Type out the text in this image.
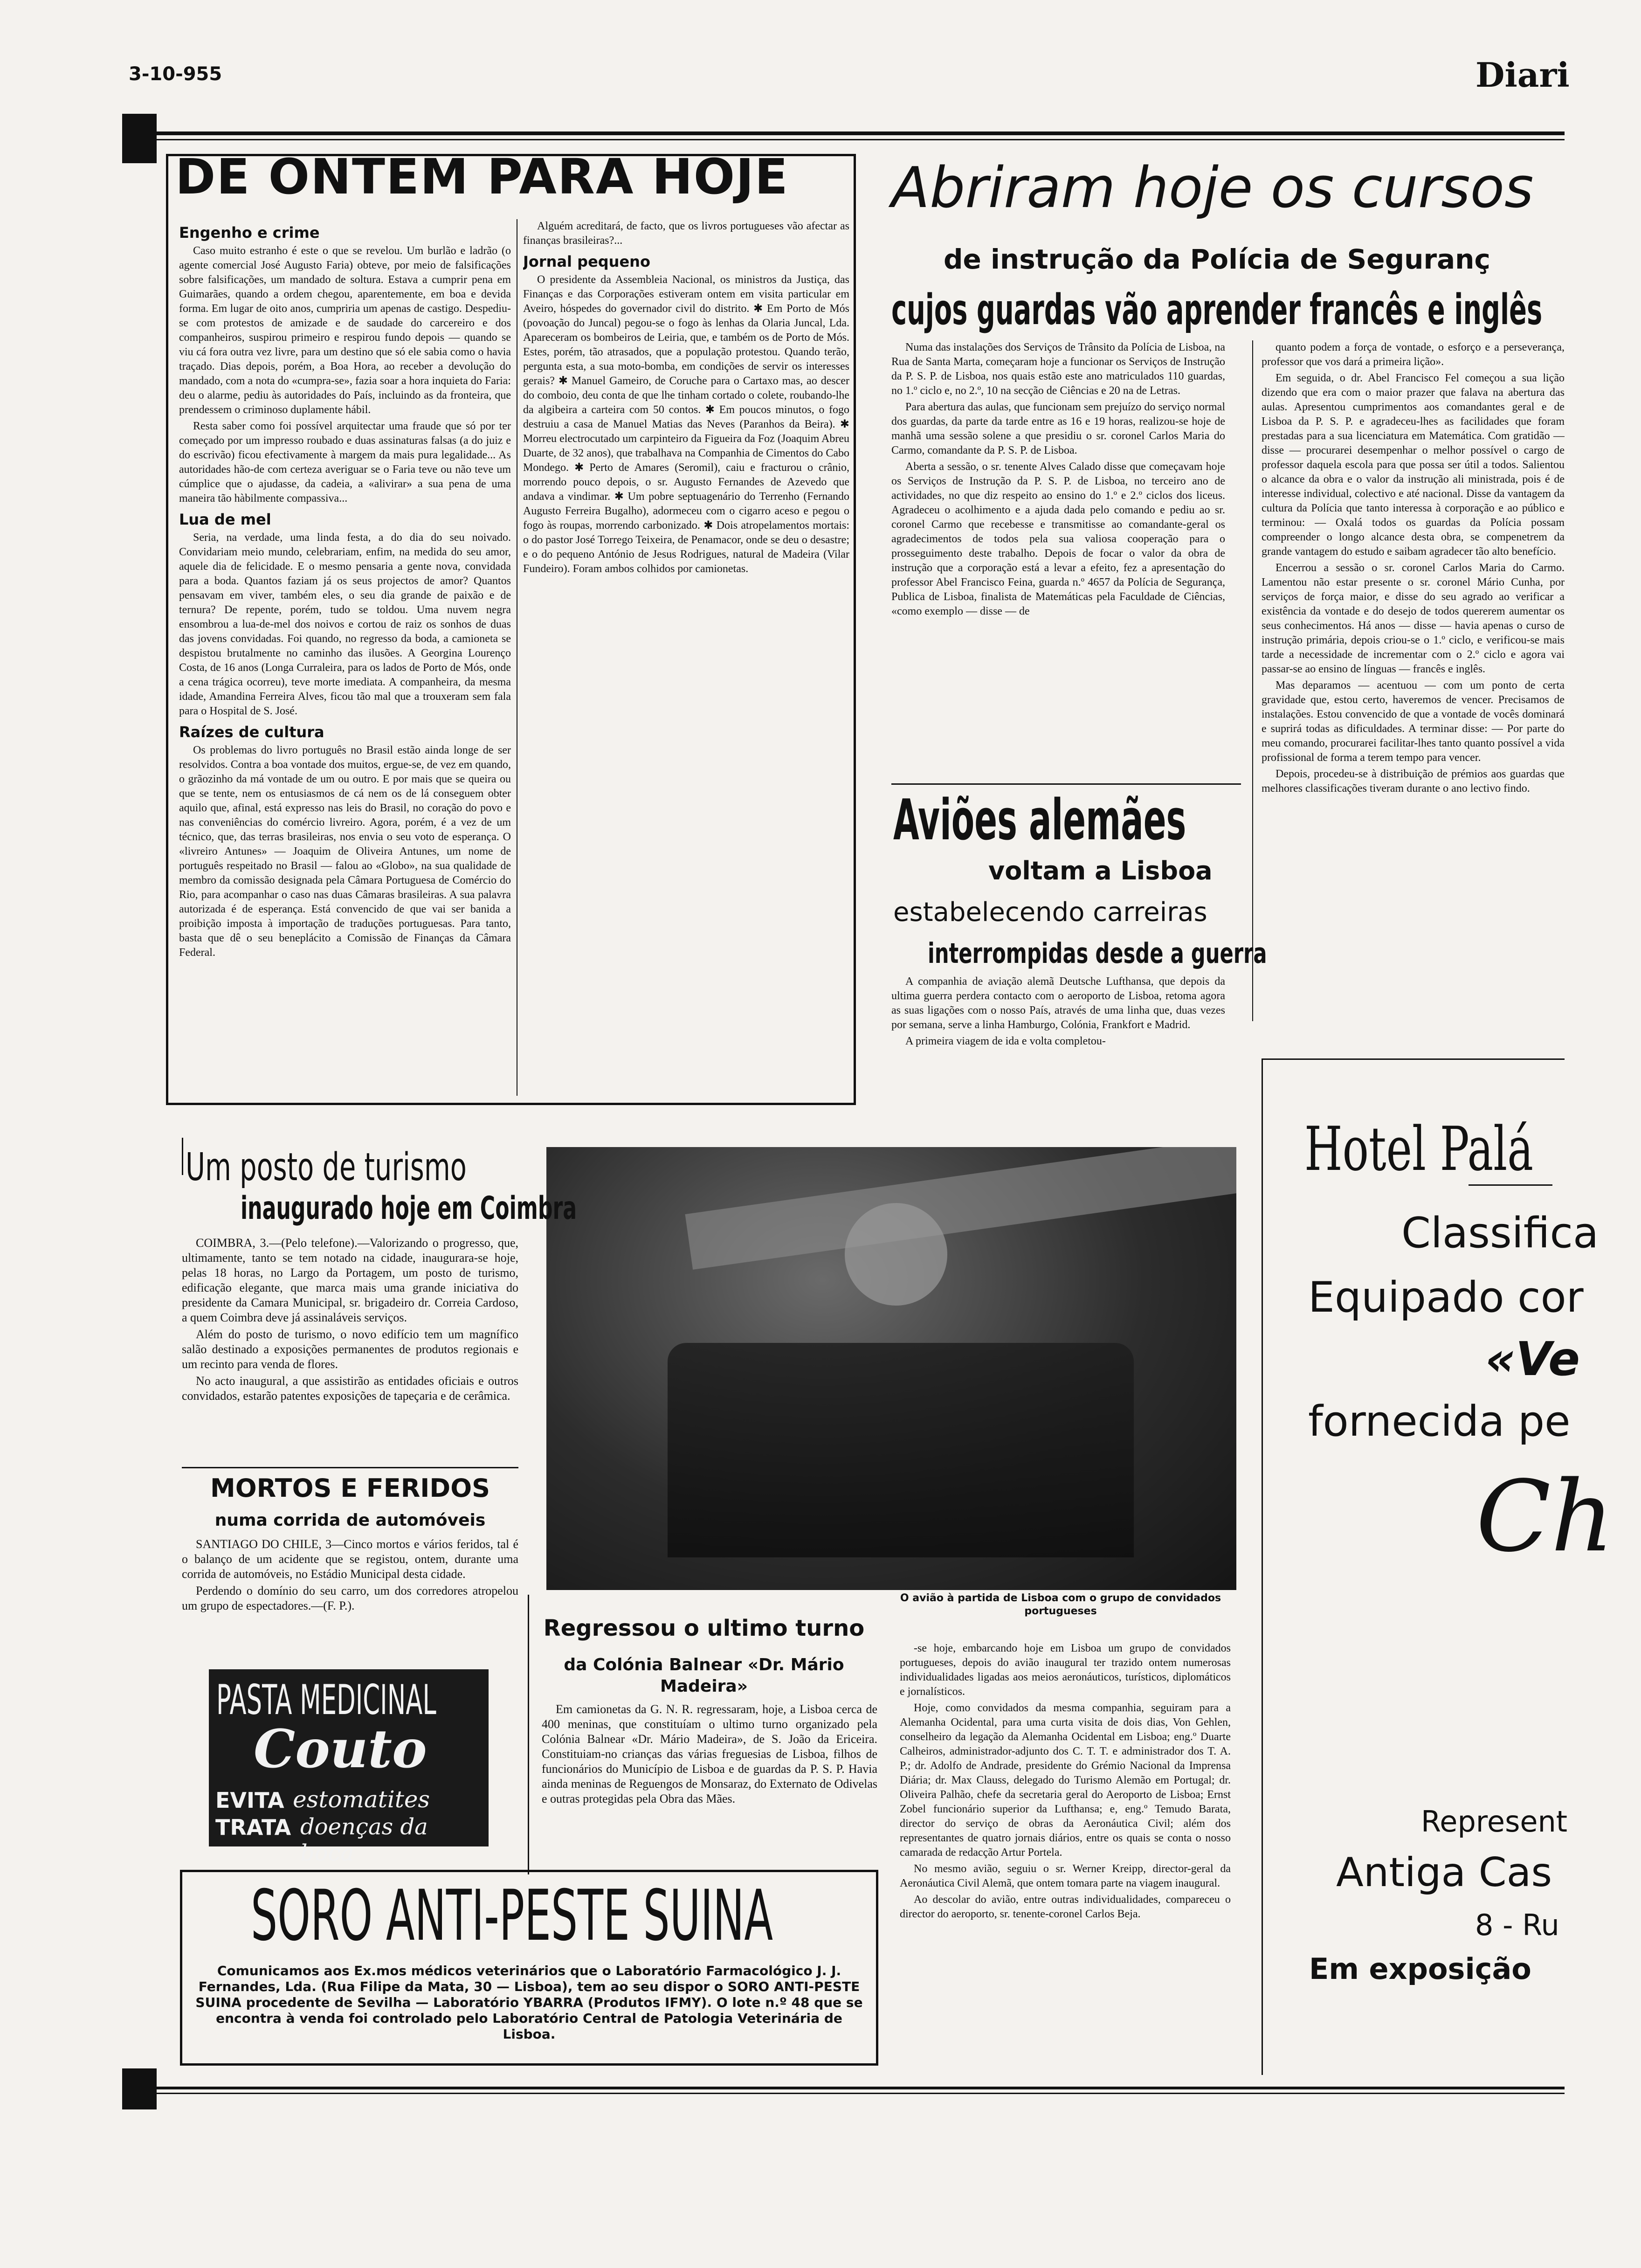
3-10-955	Diari
DE ONTEM PARA HOJE
Engenho e crime

Caso muito estranho é este o que se revelou. Um burlão e ladrão (o agente comercial José Augusto Faria) obteve, por meio de falsificações sobre falsificações, um mandado de soltura. Estava a cumprir pena em Guimarães, quando a ordem chegou, aparentemente, em boa e devida forma. Em lugar de oito anos, cumpriria um apenas de castigo. Despediu-se com protestos de amizade e de saudade do carcereiro e dos companheiros, suspirou primeiro e respirou fundo depois — quando se viu cá fora outra vez livre, para um destino que só ele sabia como o havia traçado. Dias depois, porém, a Boa Hora, ao receber a devolução do mandado, com a nota do «cumpra-se», fazia soar a hora inquieta do Faria: deu o alarme, pediu às autoridades do País, incluindo as da fronteira, que prendessem o criminoso duplamente hábil.

Resta saber como foi possível arquitectar uma fraude que só por ter começado por um impresso roubado e duas assinaturas falsas (a do juiz e do escrivão) ficou efectivamente à margem da mais pura legalidade... As autoridades hão-de com certeza averiguar se o Faria teve ou não teve um cúmplice que o ajudasse, da cadeia, a «alivirar» a sua pena de uma maneira tão hàbilmente compassiva...

Lua de mel

Seria, na verdade, uma linda festa, a do dia do seu noivado. Convidariam meio mundo, celebrariam, enfim, na medida do seu amor, aquele dia de felicidade. E o mesmo pensaria a gente nova, convidada para a boda. Quantos faziam já os seus projectos de amor? Quantos pensavam em viver, também eles, o seu dia grande de paixão e de ternura? De repente, porém, tudo se toldou. Uma nuvem negra ensombrou a lua-de-mel dos noivos e cortou de raiz os sonhos de duas das jovens convidadas. Foi quando, no regresso da boda, a camioneta se despistou brutalmente no caminho das ilusões. A Georgina Lourenço Costa, de 16 anos (Longa Curraleira, para os lados de Porto de Mós, onde a cena trágica ocorreu), teve morte imediata. A companheira, da mesma idade, Amandina Ferreira Alves, ficou tão mal que a trouxeram sem fala para o Hospital de S. José.

Raízes de cultura

Os problemas do livro português no Brasil estão ainda longe de ser resolvidos. Contra a boa vontade dos muitos, ergue-se, de vez em quando, o grãozinho da má vontade de um ou outro. E por mais que se queira ou que se tente, nem os entusiasmos de cá nem os de lá conseguem obter aquilo que, afinal, está expresso nas leis do Brasil, no coração do povo e nas conveniências do comércio livreiro. Agora, porém, é a vez de um técnico, que, das terras brasileiras, nos envia o seu voto de esperança. O «livreiro Antunes» — Joaquim de Oliveira Antunes, um nome de português respeitado no Brasil — falou ao «Globo», na sua qualidade de membro da comissão designada pela Câmara Portuguesa de Comércio do Rio, para acompanhar o caso nas duas Câmaras brasileiras. A sua palavra autorizada é de esperança. Está convencido de que vai ser banida a proibição imposta à importação de traduções portuguesas. Para tanto, basta que dê o seu beneplácito a Comissão de Finanças da Câmara Federal.

Alguém acreditará, de facto, que os livros portugueses vão afectar as finanças brasileiras?...

Jornal pequeno

O presidente da Assembleia Nacional, os ministros da Justiça, das Finanças e das Corporações estiveram ontem em visita particular em Aveiro, hóspedes do governador civil do distrito. ✱ Em Porto de Mós (povoação do Juncal) pegou-se o fogo às lenhas da Olaria Juncal, Lda. Apareceram os bombeiros de Leiria, que, e também os de Porto de Mós. Estes, porém, tão atrasados, que a população protestou. Quando terão, pergunta esta, a sua moto-bomba, em condições de servir os interesses gerais? ✱ Manuel Gameiro, de Coruche para o Cartaxo mas, ao descer do comboio, deu conta de que lhe tinham cortado o colete, roubando-lhe da algibeira a carteira com 50 contos. ✱ Em poucos minutos, o fogo destruiu a casa de Manuel Matias das Neves (Paranhos da Beira). ✱ Morreu electrocutado um carpinteiro da Figueira da Foz (Joaquim Abreu Duarte, de 32 anos), que trabalhava na Companhia de Cimentos do Cabo Mondego. ✱ Perto de Amares (Seromil), caiu e fracturou o crânio, morrendo pouco depois, o sr. Augusto Fernandes de Azevedo que andava a vindimar. ✱ Um pobre septuagenário do Terrenho (Fernando Augusto Ferreira Bugalho), adormeceu com o cigarro aceso e pegou o fogo às roupas, morrendo carbonizado. ✱ Dois atropelamentos mortais: o do pastor José Torrego Teixeira, de Penamacor, onde se deu o desastre; e o do pequeno António de Jesus Rodrigues, natural de Madeira (Vilar Fundeiro). Foram ambos colhidos por camionetas.

Abriram hoje os cursos
de instrução da Polícia de Seguranç
cujos guardas vão aprender francês e inglês

Numa das instalações dos Serviços de Trânsito da Polícia de Lisboa, na Rua de Santa Marta, começaram hoje a funcionar os Serviços de Instrução da P. S. P. de Lisboa, nos quais estão este ano matriculados 110 guardas, no 1.º ciclo e, no 2.º, 10 na secção de Ciências e 20 na de Letras.

Para abertura das aulas, que funcionam sem prejuízo do serviço normal dos guardas, da parte da tarde entre as 16 e 19 horas, realizou-se hoje de manhã uma sessão solene a que presidiu o sr. coronel Carlos Maria do Carmo, comandante da P. S. P. de Lisboa.

Aberta a sessão, o sr. tenente Alves Calado disse que começavam hoje os Serviços de Instrução da P. S. P. de Lisboa, no terceiro ano de actividades, no que diz respeito ao ensino do 1.º e 2.º ciclos dos liceus. Agradeceu o acolhimento e a ajuda dada pelo comando e pediu ao sr. coronel Carmo que recebesse e transmitisse ao comandante-geral os agradecimentos de todos pela sua valiosa cooperação para o prosseguimento deste trabalho. Depois de focar o valor da obra de instrução que a corporação está a levar a efeito, fez a apresentação do professor Abel Francisco Feina, guarda n.º 4657 da Polícia de Segurança, Publica de Lisboa, finalista de Matemáticas pela Faculdade de Ciências, «como exemplo — disse — de

quanto podem a força de vontade, o esforço e a perseverança, professor que vos dará a primeira lição».

Em seguida, o dr. Abel Francisco Fel começou a sua lição dizendo que era com o maior prazer que falava na abertura das aulas. Apresentou cumprimentos aos comandantes geral e de Lisboa da P. S. P. e agradeceu-lhes as facilidades que foram prestadas para a sua licenciatura em Matemática. Com gratidão — disse — procurarei desempenhar o melhor possível o cargo de professor daquela escola para que possa ser útil a todos. Salientou o alcance da obra e o valor da instrução ali ministrada, pois é de interesse individual, colectivo e até nacional. Disse da vantagem da cultura da Polícia que tanto interessa à corporação e ao público e terminou: — Oxalá todos os guardas da Polícia possam compreender o longo alcance desta obra, se compenetrem da grande vantagem do estudo e saibam agradecer tão alto benefício.

Encerrou a sessão o sr. coronel Carlos Maria do Carmo. Lamentou não estar presente o sr. coronel Mário Cunha, por serviços de força maior, e disse do seu agrado ao verificar a existência da vontade e do desejo de todos quererem aumentar os seus conhecimentos. Há anos — disse — havia apenas o curso de instrução primária, depois criou-se o 1.º ciclo, e verificou-se mais tarde a necessidade de incrementar com o 2.º ciclo e agora vai passar-se ao ensino de línguas — francês e inglês.

Mas deparamos — acentuou — com um ponto de certa gravidade que, estou certo, haveremos de vencer. Precisamos de instalações. Estou convencido de que a vontade de vocês dominará e suprirá todas as dificuldades. A terminar disse: — Por parte do meu comando, procurarei facilitar-lhes tanto quanto possível a vida profissional de forma a terem tempo para vencer.

Depois, procedeu-se à distribuição de prémios aos guardas que melhores classificações tiveram durante o ano lectivo findo.

Aviões alemães
voltam a Lisboa
estabelecendo carreiras
interrompidas desde a guerra

A companhia de aviação alemã Deutsche Lufthansa, que depois da ultima guerra perdera contacto com o aeroporto de Lisboa, retoma agora as suas ligações com o nosso País, através de uma linha que, duas vezes por semana, serve a linha Hamburgo, Colónia, Frankfort e Madrid.

A primeira viagem de ida e volta completou-

O avião à partida de Lisboa com o grupo de convidados portugueses

-se hoje, embarcando hoje em Lisboa um grupo de convidados portugueses, depois do avião inaugural ter trazido ontem numerosas individualidades ligadas aos meios aeronáuticos, turísticos, diplomáticos e jornalísticos.

Hoje, como convidados da mesma companhia, seguiram para a Alemanha Ocidental, para uma curta visita de dois dias, Von Gehlen, conselheiro da legação da Alemanha Ocidental em Lisboa; eng.º Duarte Calheiros, administrador-adjunto dos C. T. T. e administrador dos T. A. P.; dr. Adolfo de Andrade, presidente do Grémio Nacional da Imprensa Diária; dr. Max Clauss, delegado do Turismo Alemão em Portugal; dr. Oliveira Palhão, chefe da secretaria geral do Aeroporto de Lisboa; Ernst Zobel funcionário superior da Lufthansa; e, eng.º Temudo Barata, director do serviço de obras da Aeronáutica Civil; além dos representantes de quatro jornais diários, entre os quais se conta o nosso camarada de redacção Artur Portela.

No mesmo avião, seguiu o sr. Werner Kreipp, director-geral da Aeronáutica Civil Alemã, que ontem tomara parte na viagem inaugural.

Ao descolar do avião, entre outras individualidades, compareceu o director do aeroporto, sr. tenente-coronel Carlos Beja.

Um posto de turismo
inaugurado hoje em Coimbra

COIMBRA, 3.—(Pelo telefone).—Valorizando o progresso, que, ultimamente, tanto se tem notado na cidade, inaugurara-se hoje, pelas 18 horas, no Largo da Portagem, um posto de turismo, edificação elegante, que marca mais uma grande iniciativa do presidente da Camara Municipal, sr. brigadeiro dr. Correia Cardoso, a quem Coimbra deve já assinaláveis serviços.

Além do posto de turismo, o novo edifício tem um magnífico salão destinado a exposições permanentes de produtos regionais e um recinto para venda de flores.

No acto inaugural, a que assistirão as entidades oficiais e outros convidados, estarão patentes exposições de tapeçaria e de cerâmica.

MORTOS E FERIDOS
numa corrida de automóveis

SANTIAGO DO CHILE, 3—Cinco mortos e vários feridos, tal é o balanço de um acidente que se registou, ontem, durante uma corrida de automóveis, no Estádio Municipal desta cidade.

Perdendo o domínio do seu carro, um dos corredores atropelou um grupo de espectadores.—(F. P.).

PASTA MEDICINAL
Couto
EVITA estomatites
TRATA doenças da boca
Regressou o ultimo turno
da Colónia Balnear «Dr. Mário Madeira»

Em camionetas da G. N. R. regressaram, hoje, a Lisboa cerca de 400 meninas, que constituíam o ultimo turno organizado pela Colónia Balnear «Dr. Mário Madeira», de S. João da Ericeira. Constituiam-no crianças das várias freguesias de Lisboa, filhos de funcionários do Município de Lisboa e de guardas da P. S. P. Havia ainda meninas de Reguengos de Monsaraz, do Externato de Odivelas e outras protegidas pela Obra das Mães.

SORO ANTI-PESTE SUINA
Comunicamos aos Ex.mos médicos veterinários que o Laboratório Farmacológico J. J. Fernandes, Lda. (Rua Filipe da Mata, 30 — Lisboa), tem ao seu dispor o SORO ANTI-PESTE SUINA procedente de Sevilha — Laboratório YBARRA (Produtos IFMY). O lote n.º 48 que se encontra à venda foi controlado pelo Laboratório Central de Patologia Veterinária de Lisboa.
Hotel Palá
Classifica
Equipado cor
«Ve
fornecida pe
Ch
Represent
Antiga Cas
8 - Ru
Em exposição
